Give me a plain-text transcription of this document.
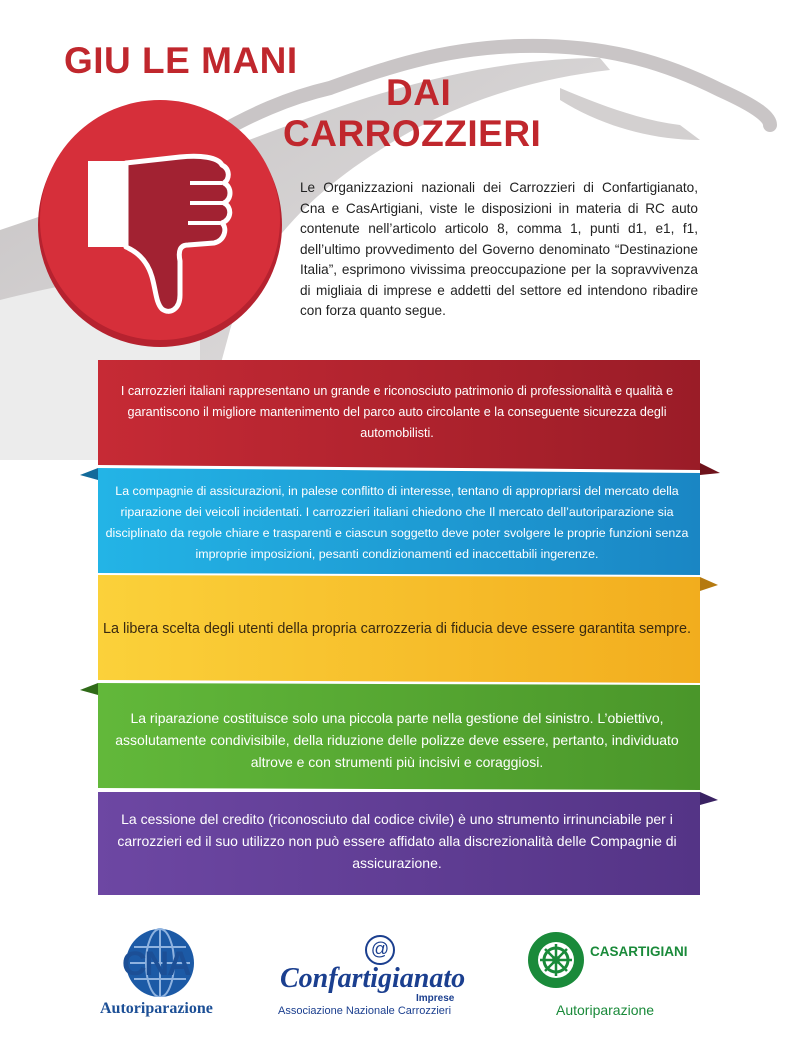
GIU LE MANI
DAI
CARROZZIERI
Le Organizzazioni nazionali dei Carrozzieri di Confartigianato, Cna e CasArtigiani, viste le disposizioni in materia di RC auto contenute nell’articolo articolo 8, comma 1, punti d1, e1, f1, dell’ultimo provvedimento del Governo denominato “Destinazione Italia”, esprimono vivissima preoccupazione per la sopravvivenza di migliaia di imprese e addetti del settore ed intendono ribadire con forza quanto segue.
I carrozzieri italiani rappresentano un grande e riconosciuto patrimonio di professionalità e qualità e garantiscono il migliore mantenimento del parco auto circolante e la conseguente sicurezza degli automobilisti.
La compagnie di assicurazioni, in palese conflitto di interesse, tentano di appropriarsi del mercato della riparazione dei veicoli incidentati. I carrozzieri italiani chiedono che Il mercato dell’autoriparazione sia disciplinato da regole chiare e trasparenti e ciascun soggetto deve poter svolgere le proprie funzioni senza improprie imposizioni, pesanti condizionamenti ed inaccettabili ingerenze.
La libera scelta degli utenti della propria carrozzeria di fiducia deve essere garantita sempre.
La riparazione costituisce solo una piccola parte nella gestione del sinistro. L’obiettivo, assolutamente condivisibile, della riduzione delle polizze deve essere, pertanto, individuato altrove e con strumenti più incisivi e coraggiosi.
La cessione del credito (riconosciuto dal codice civile) è uno strumento irrinunciabile per i carrozzieri ed il suo utilizzo non può essere affidato alla discrezionalità delle Compagnie di assicurazione.
CNA
Autoriparazione
@
Confartigianato
Imprese
Associazione Nazionale Carrozzieri
CASARTIGIANI
Autoriparazione
